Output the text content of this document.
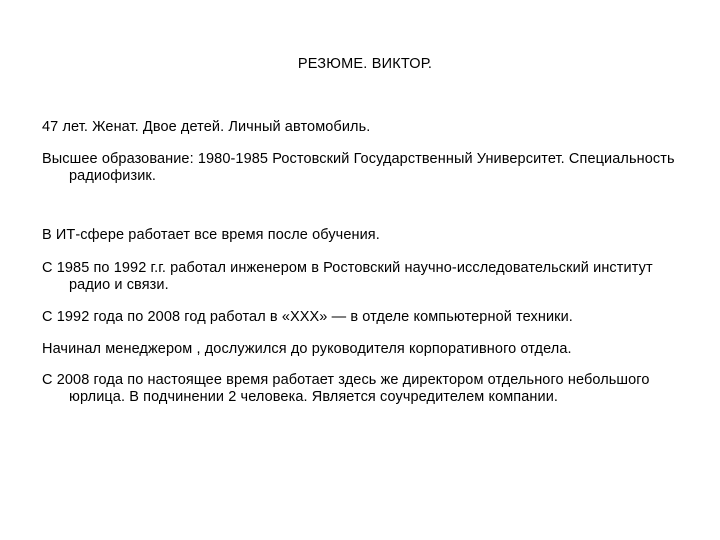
РЕЗЮМЕ. ВИКТОР.
47 лет. Женат. Двое детей. Личный автомобиль.
Высшее образование: 1980-1985 Ростовский Государственный Университет. Специальность радиофизик.
В ИТ-сфере работает все время после обучения.
С 1985 по 1992 г.г. работал инженером в Ростовский научно-исследовательский институт радио и связи.
С 1992 года по 2008 год работал в «ХХХ» — в отделе компьютерной техники.
Начинал менеджером , дослужился до руководителя корпоративного отдела.
С 2008 года по настоящее время работает здесь же директором отдельного небольшого юрлица. В подчинении 2 человека. Является соучредителем компании.
